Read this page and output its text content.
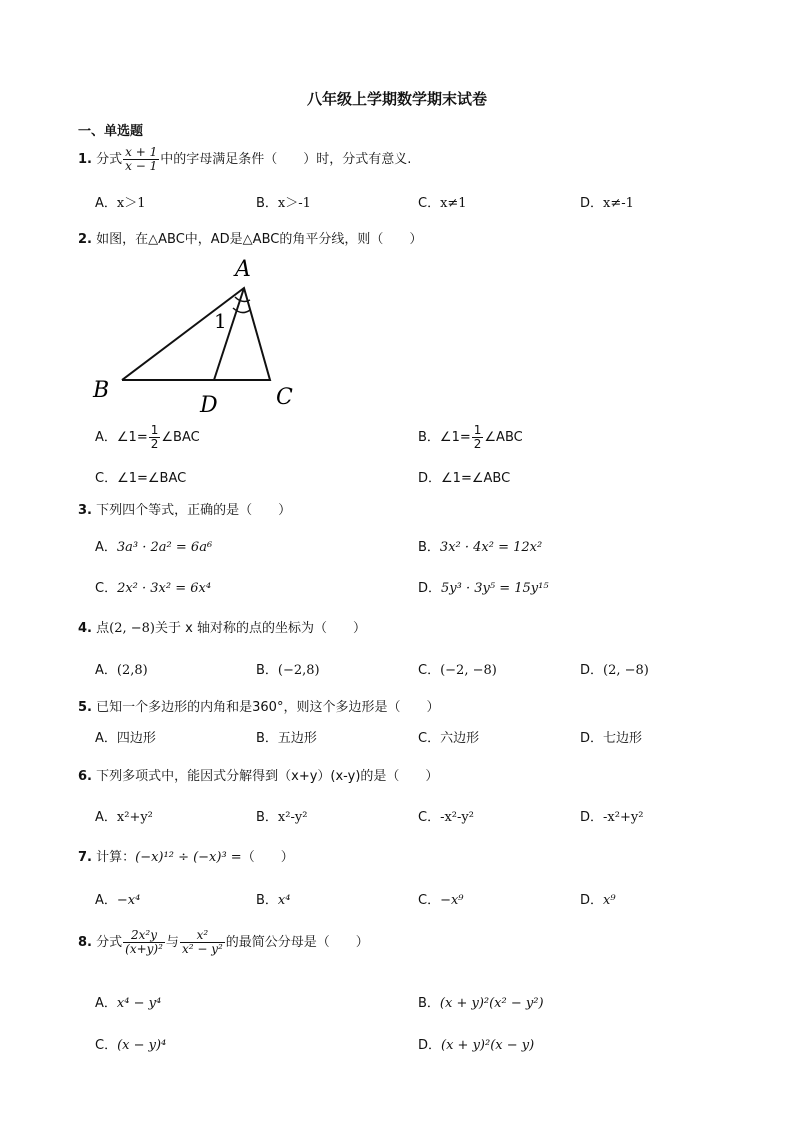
八年级上学期数学期末试卷
一、单选题
1. 分式 $\frac{x + 1}{x - 1}$ 中的字母满足条件（　　）时，分式有意义.
A．x＞1	B．x＞-1	C．x≠1	D．x≠-1
2. 如图，在△ABC中，AD是△ABC的角平分线，则（　　）
A
B	C
D
1
A．∠1= $\frac{1}{2}$ ∠BAC	B．∠1= $\frac{1}{2}$ ∠ABC
C．∠1=∠BAC	D．∠1=∠ABC
3. 下列四个等式，正确的是（　　）
A．3a³ · 2a² = 6a⁶	B．3x² · 4x² = 12x²
C．2x² · 3x² = 6x⁴	D．5y³ · 3y⁵ = 15y¹⁵
4. 点(2, −8)关于 x 轴对称的点的坐标为（　　）
A．(2,8)	B．(−2,8)	C．(−2, −8)	D．(2, −8)
5. 已知一个多边形的内角和是360°，则这个多边形是（　　）
A．四边形	B．五边形	C．六边形	D．七边形
6. 下列多项式中，能因式分解得到（x+y）(x-y)的是（　　）
A．x²+y²	B．x²-y²	C．-x²-y²	D．-x²+y²
7. 计算：(−x)¹² ÷ (−x)³ =（　　）
A．−x⁴	B．x⁴	C．−x⁹	D．x⁹
8. 分式 $\frac{\text{2x²y}}{\text{(x+y)²}}$ 与 $\frac{\text{x²}}{\text{x² − y²}}$ 的最简公分母是（　　）
A．x⁴ − y⁴	B．(x + y)²(x² − y²)
C．(x − y)⁴	D．(x + y)²(x − y)
